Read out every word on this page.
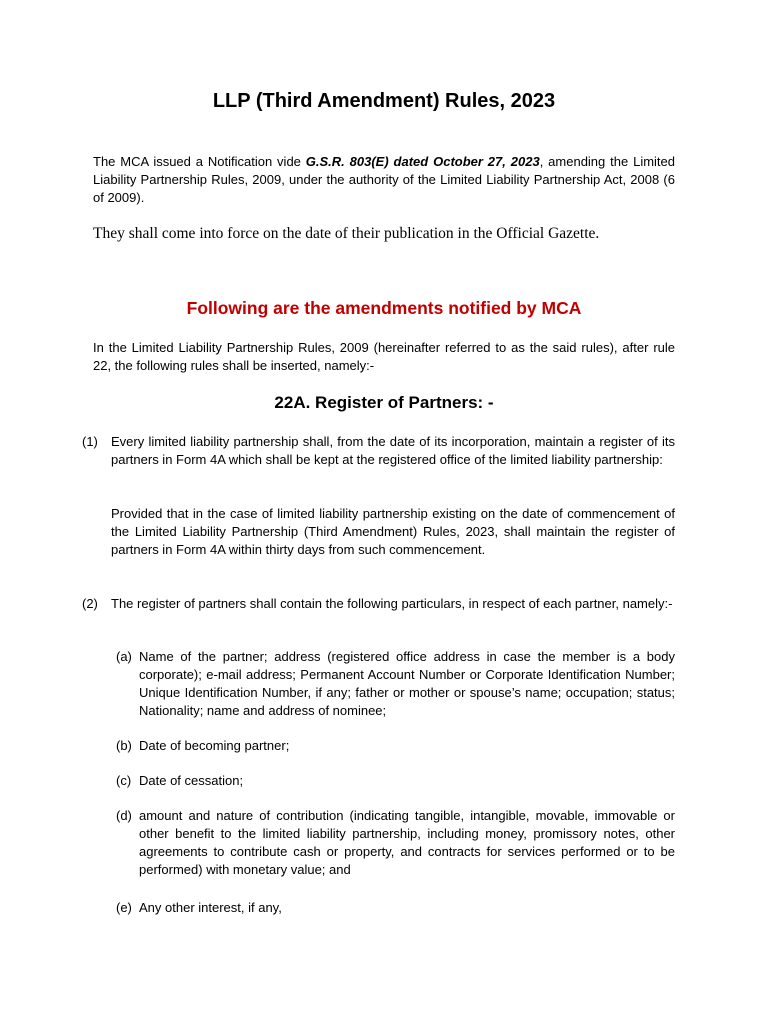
LLP (Third Amendment) Rules, 2023
The MCA issued a Notification vide G.S.R. 803(E) dated October 27, 2023, amending the Limited Liability Partnership Rules, 2009, under the authority of the Limited Liability Partnership Act, 2008 (6 of 2009).
They shall come into force on the date of their publication in the Official Gazette.
Following are the amendments notified by MCA
In the Limited Liability Partnership Rules, 2009 (hereinafter referred to as the said rules), after rule 22, the following rules shall be inserted, namely:-
22A. Register of Partners: -
(1) Every limited liability partnership shall, from the date of its incorporation, maintain a register of its partners in Form 4A which shall be kept at the registered office of the limited liability partnership:
Provided that in the case of limited liability partnership existing on the date of commencement of the Limited Liability Partnership (Third Amendment) Rules, 2023, shall maintain the register of partners in Form 4A within thirty days from such commencement.
(2) The register of partners shall contain the following particulars, in respect of each partner, namely:-
(a) Name of the partner; address (registered office address in case the member is a body corporate); e-mail address; Permanent Account Number or Corporate Identification Number; Unique Identification Number, if any; father or mother or spouse’s name; occupation; status; Nationality; name and address of nominee;
(b) Date of becoming partner;
(c) Date of cessation;
(d) amount and nature of contribution (indicating tangible, intangible, movable, immovable or other benefit to the limited liability partnership, including money, promissory notes, other agreements to contribute cash or property, and contracts for services performed or to be performed) with monetary value; and
(e) Any other interest, if any,
